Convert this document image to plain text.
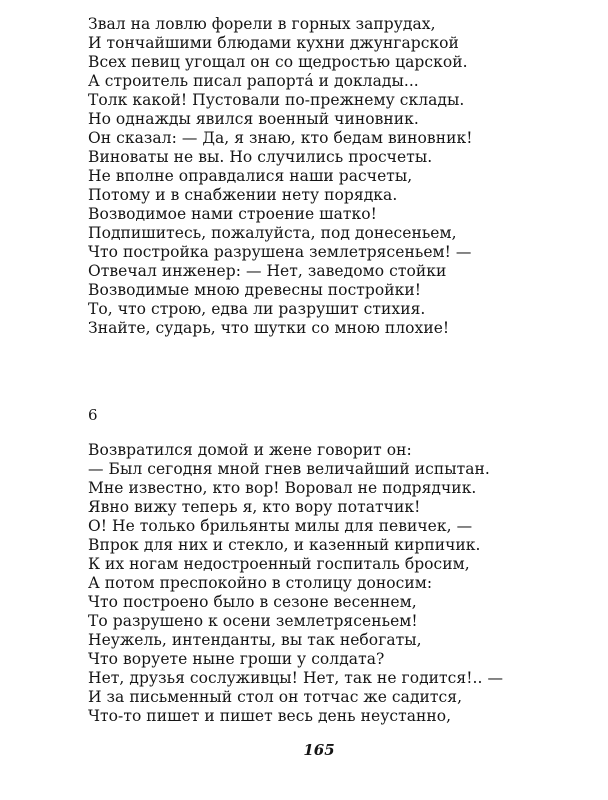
Звал на ловлю форели в горных запрудах,
И тончайшими блюдами кухни джунгарской
Всех певиц угощал он со щедростью царской.
А строитель писал рапорта́ и доклады...
Толк какой! Пустовали по-прежнему склады.
Но однажды явился военный чиновник.
Он сказал: — Да, я знаю, кто бедам виновник!
Виноваты не вы. Но случились просчеты.
Не вполне оправдалися наши расчеты,
Потому и в снабжении нету порядка.
Возводимое нами строение шатко!
Подпишитесь, пожалуйста, под донесеньем,
Что постройка разрушена землетрясеньем! —
Отвечал инженер: — Нет, заведомо стойки
Возводимые мною древесны постройки!
То, что строю, едва ли разрушит стихия.
Знайте, сударь, что шутки со мною плохие!
6
Возвратился домой и жене говорит он:
— Был сегодня мной гнев величайший испытан.
Мне известно, кто вор! Воровал не подрядчик.
Явно вижу теперь я, кто вору потатчик!
О! Не только брильянты милы для певичек, —
Впрок для них и стекло, и казенный кирпичик.
К их ногам недостроенный госпиталь бросим,
А потом преспокойно в столицу доносим:
Что построено было в сезоне весеннем,
То разрушено к осени землетрясеньем!
Неужель, интенданты, вы так небогаты,
Что воруете ныне гроши у солдата?
Нет, друзья сослуживцы! Нет, так не годится!.. —
И за письменный стол он тотчас же садится,
Что-то пишет и пишет весь день неустанно,
165
